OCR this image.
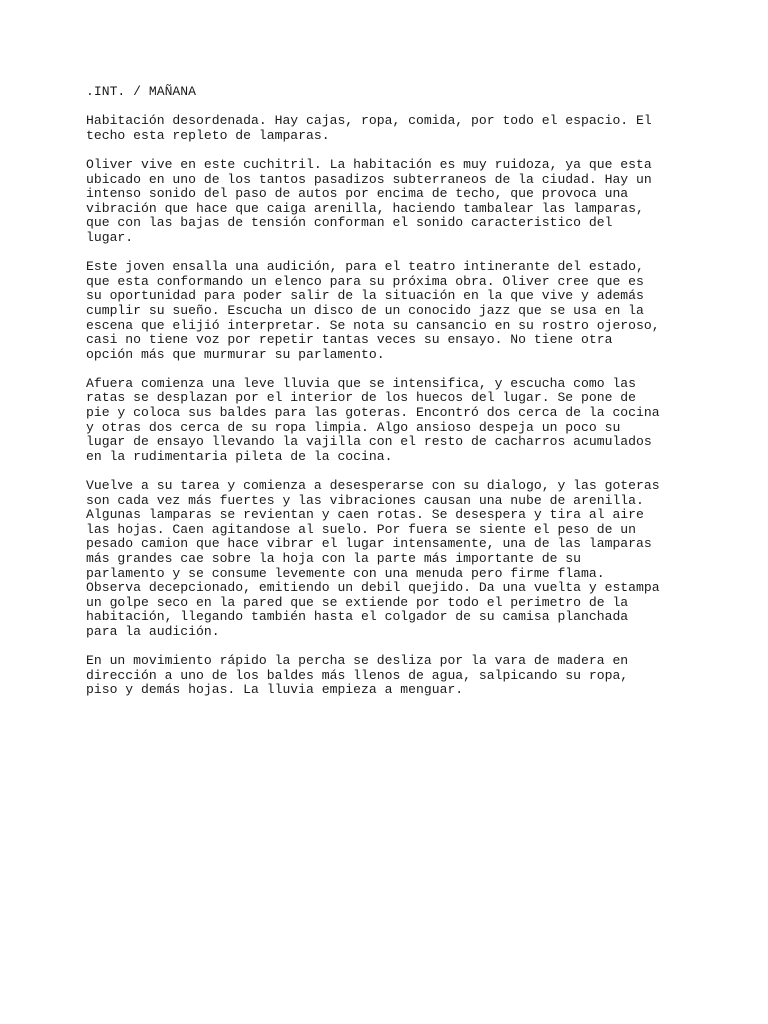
.INT. / MAÑANA
Habitación desordenada. Hay cajas, ropa, comida, por todo el espacio. El
techo esta repleto de lamparas.
Oliver vive en este cuchitril. La habitación es muy ruidoza, ya que esta
ubicado en uno de los tantos pasadizos subterraneos de la ciudad. Hay un
intenso sonido del paso de autos por encima de techo, que provoca una
vibración que hace que caiga arenilla, haciendo tambalear las lamparas,
que con las bajas de tensión conforman el sonido caracteristico del
lugar.
Este joven ensalla una audición, para el teatro intinerante del estado,
que esta conformando un elenco para su próxima obra. Oliver cree que es
su oportunidad para poder salir de la situación en la que vive y además
cumplir su sueño. Escucha un disco de un conocido jazz que se usa en la
escena que elijió interpretar. Se nota su cansancio en su rostro ojeroso,
casi no tiene voz por repetir tantas veces su ensayo. No tiene otra
opción más que murmurar su parlamento.
Afuera comienza una leve lluvia que se intensifica, y escucha como las
ratas se desplazan por el interior de los huecos del lugar. Se pone de
pie y coloca sus baldes para las goteras. Encontró dos cerca de la cocina
y otras dos cerca de su ropa limpia. Algo ansioso despeja un poco su
lugar de ensayo llevando la vajilla con el resto de cacharros acumulados
en la rudimentaria pileta de la cocina.
Vuelve a su tarea y comienza a desesperarse con su dialogo, y las goteras
son cada vez más fuertes y las vibraciones causan una nube de arenilla.
Algunas lamparas se revientan y caen rotas. Se desespera y tira al aire
las hojas. Caen agitandose al suelo. Por fuera se siente el peso de un
pesado camion que hace vibrar el lugar intensamente, una de las lamparas
más grandes cae sobre la hoja con la parte más importante de su
parlamento y se consume levemente con una menuda pero firme flama.
Observa decepcionado, emitiendo un debil quejido. Da una vuelta y estampa
un golpe seco en la pared que se extiende por todo el perimetro de la
habitación, llegando también hasta el colgador de su camisa planchada
para la audición.
En un movimiento rápido la percha se desliza por la vara de madera en
dirección a uno de los baldes más llenos de agua, salpicando su ropa,
piso y demás hojas. La lluvia empieza a menguar.
